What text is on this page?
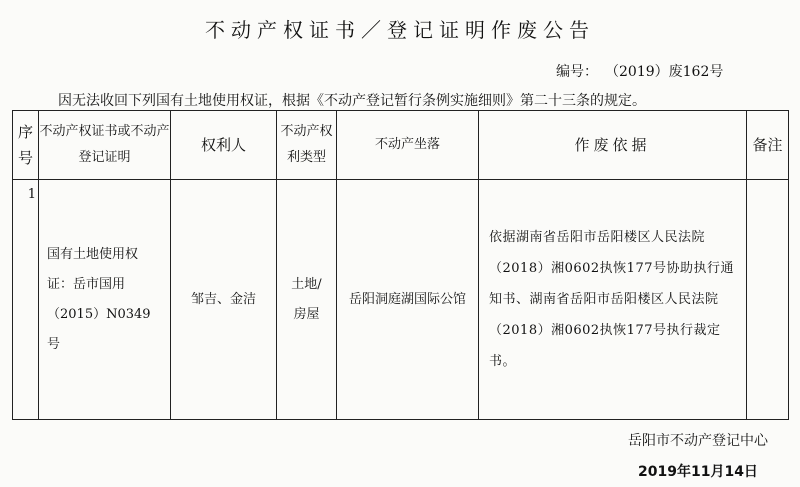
不动产权证书／登记证明作废公告
编号： （2019）废162号
因无法收回下列国有土地使用权证，根据《不动产登记暂行条例实施细则》第二十三条的规定。
序号	不动产权证书或不动产登记证明	权利人	不动产权利类型	不动产坐落	作废依据	备注
1	国有土地使用权证：岳市国用（2015）N0349号	邹吉、金洁	土地/房屋	岳阳洞庭湖国际公馆	依据湖南省岳阳市岳阳楼区人民法院（2018）湘0602执恢177号协助执行通知书、湖南省岳阳市岳阳楼区人民法院（2018）湘0602执恢177号执行裁定书。	
岳阳市不动产登记中心
2019年11月14日
